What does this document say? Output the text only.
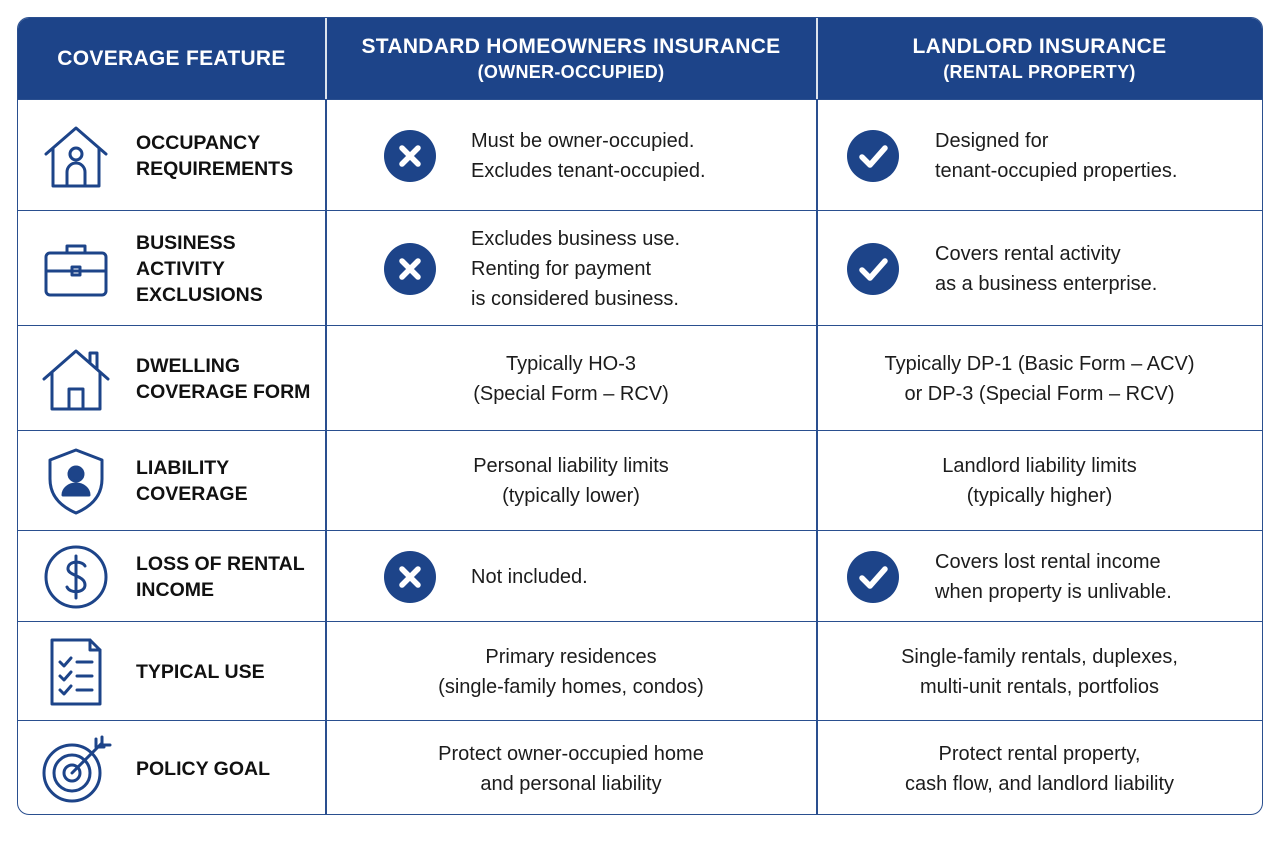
COVERAGE FEATURE
STANDARD HOMEOWNERS INSURANCE
(OWNER-OCCUPIED)
LANDLORD INSURANCE
(RENTAL PROPERTY)
OCCUPANCY
REQUIREMENTS
Must be owner-occupied.
Excludes tenant-occupied.
Designed for
tenant-occupied properties.
BUSINESS ACTIVITY
EXCLUSIONS
Excludes business use.
Renting for payment
is considered business.
Covers rental activity
as a business enterprise.
DWELLING
COVERAGE FORM
Typically HO-3
(Special Form – RCV)
Typically DP-1 (Basic Form – ACV)
or DP-3 (Special Form – RCV)
LIABILITY
COVERAGE
Personal liability limits
(typically lower)
Landlord liability limits
(typically higher)
LOSS OF RENTAL
INCOME
Not included.
Covers lost rental income
when property is unlivable.
TYPICAL USE
Primary residences
(single-family homes, condos)
Single-family rentals, duplexes,
multi-unit rentals, portfolios
POLICY GOAL
Protect owner-occupied home
and personal liability
Protect rental property,
cash flow, and landlord liability
